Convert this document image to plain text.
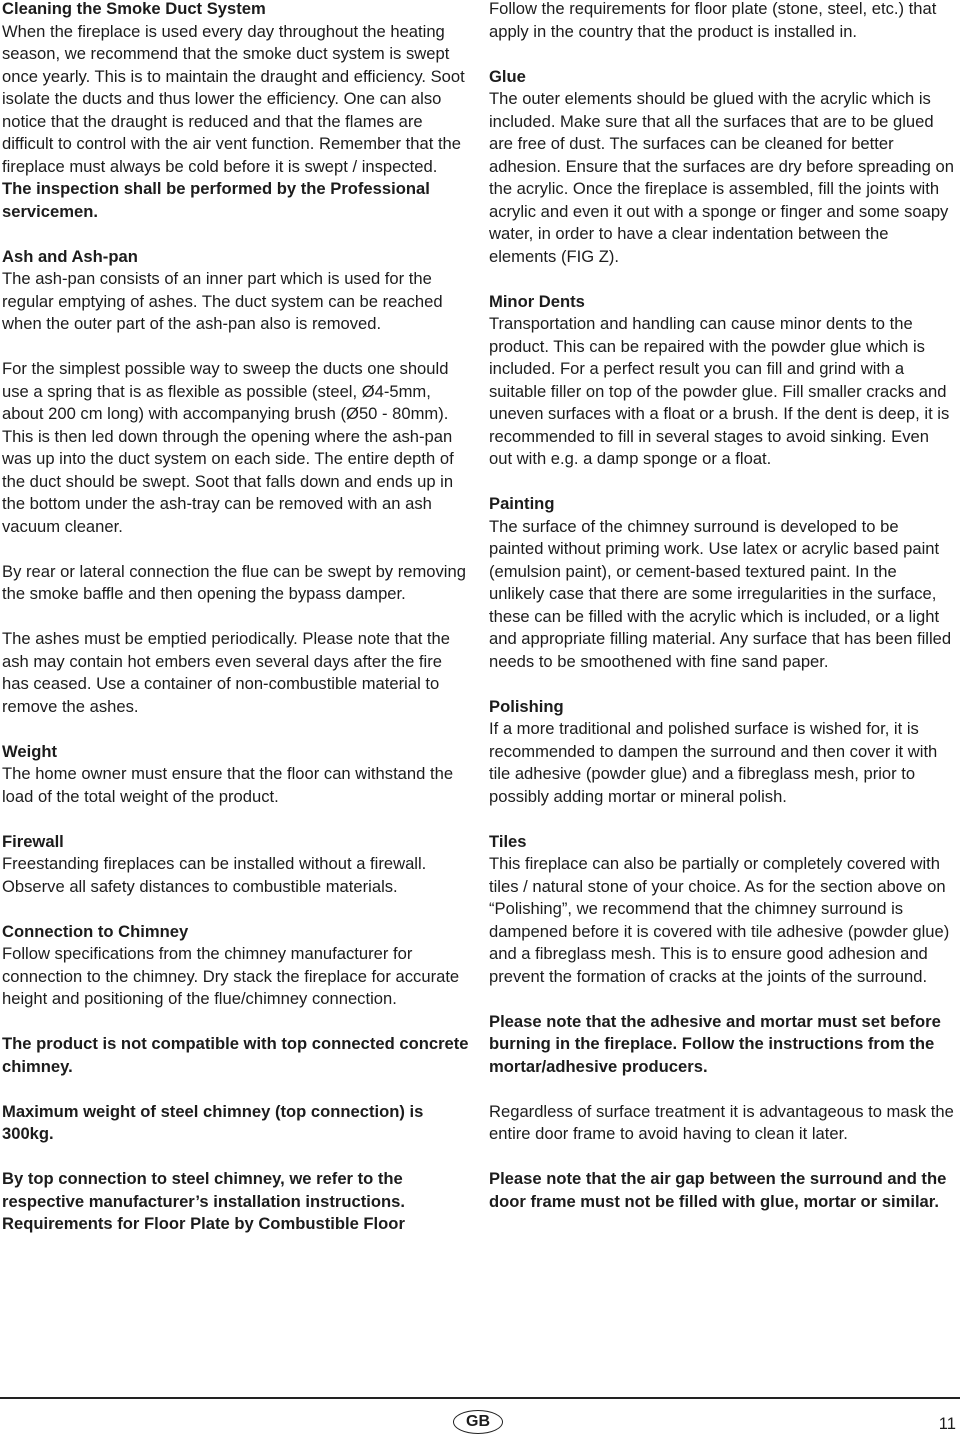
Cleaning the Smoke Duct System
When the fireplace is used every day throughout the heating season, we recommend that the smoke duct system is swept once yearly. This is to maintain the draught and efficiency. Soot isolate the ducts and thus lower the efficiency. One can also notice that the draught is reduced and that the flames are difficult to control with the air vent function. Remember that the fireplace must always be cold before it is swept / inspected.
The inspection shall be performed by the Professional servicemen.
Ash and Ash-pan
The ash-pan consists of an inner part which is used for the regular emptying of ashes. The duct system can be reached when the outer part of the ash-pan also is removed.
For the simplest possible way to sweep the ducts one should use a spring that is as flexible as possible (steel, Ø4-5mm, about 200 cm long) with accompanying brush (Ø50 - 80mm). This is then led down through the opening where the ash-pan was up into the duct system on each side. The entire depth of the duct should be swept. Soot that falls down and ends up in the bottom under the ash-tray can be removed with an ash vacuum cleaner.
By rear or lateral connection the flue can be swept by removing the smoke baffle and then opening the bypass damper.
The ashes must be emptied periodically. Please note that the ash may contain hot embers even several days after the fire has ceased. Use a container of non-combustible material to remove the ashes.
Weight
The home owner must ensure that the floor can withstand the load of the total weight of the product.
Firewall
Freestanding fireplaces can be installed without a firewall. Observe all safety distances to combustible materials.
Connection to Chimney
Follow specifications from the chimney manufacturer for connection to the chimney. Dry stack the fireplace for accurate height and positioning of the flue/chimney connection.
The product is not compatible with top connected concrete chimney.
Maximum weight of steel chimney (top connection) is 300kg.
By top connection to steel chimney, we refer to the respective manufacturer’s installation instructions.
Requirements for Floor Plate by Combustible Floor
Follow the requirements for floor plate (stone, steel, etc.) that apply in the country that the product is installed in.
Glue
The outer elements should be glued with the acrylic which is included. Make sure that all the surfaces that are to be glued are free of dust. The surfaces can be cleaned for better adhesion. Ensure that the surfaces are dry before spreading on the acrylic. Once the fireplace is assembled, fill the joints with acrylic and even it out with a sponge or finger and some soapy water, in order to have a clear indentation between the elements (FIG Z).
Minor Dents
Transportation and handling can cause minor dents to the product. This can be repaired with the powder glue which is included. For a perfect result you can fill and grind with a suitable filler on top of the powder glue. Fill smaller cracks and uneven surfaces with a float or a brush. If the dent is deep, it is recommended to fill in several stages to avoid sinking. Even out with e.g. a damp sponge or a float.
Painting
The surface of the chimney surround is developed to be painted without priming work. Use latex or acrylic based paint (emulsion paint), or cement-based textured paint. In the unlikely case that there are some irregularities in the surface, these can be filled with the acrylic which is included, or a light and appropriate filling material. Any surface that has been filled needs to be smoothened with fine sand paper.
Polishing
If a more traditional and polished surface is wished for, it is recommended to dampen the surround and then cover it with tile adhesive (powder glue) and a fibreglass mesh, prior to possibly adding mortar or mineral polish.
Tiles
This fireplace can also be partially or completely covered with tiles / natural stone of your choice. As for the section above on “Polishing”, we recommend that the chimney surround is dampened before it is covered with tile adhesive (powder glue) and a fibreglass mesh. This is to ensure good adhesion and prevent the formation of cracks at the joints of the surround.
Please note that the adhesive and mortar must set before burning in the fireplace. Follow the instructions from the mortar/adhesive producers.
Regardless of surface treatment it is advantageous to mask the entire door frame to avoid having to clean it later.
Please note that the air gap between the surround and the door frame must not be filled with glue, mortar or similar.
GB	11
